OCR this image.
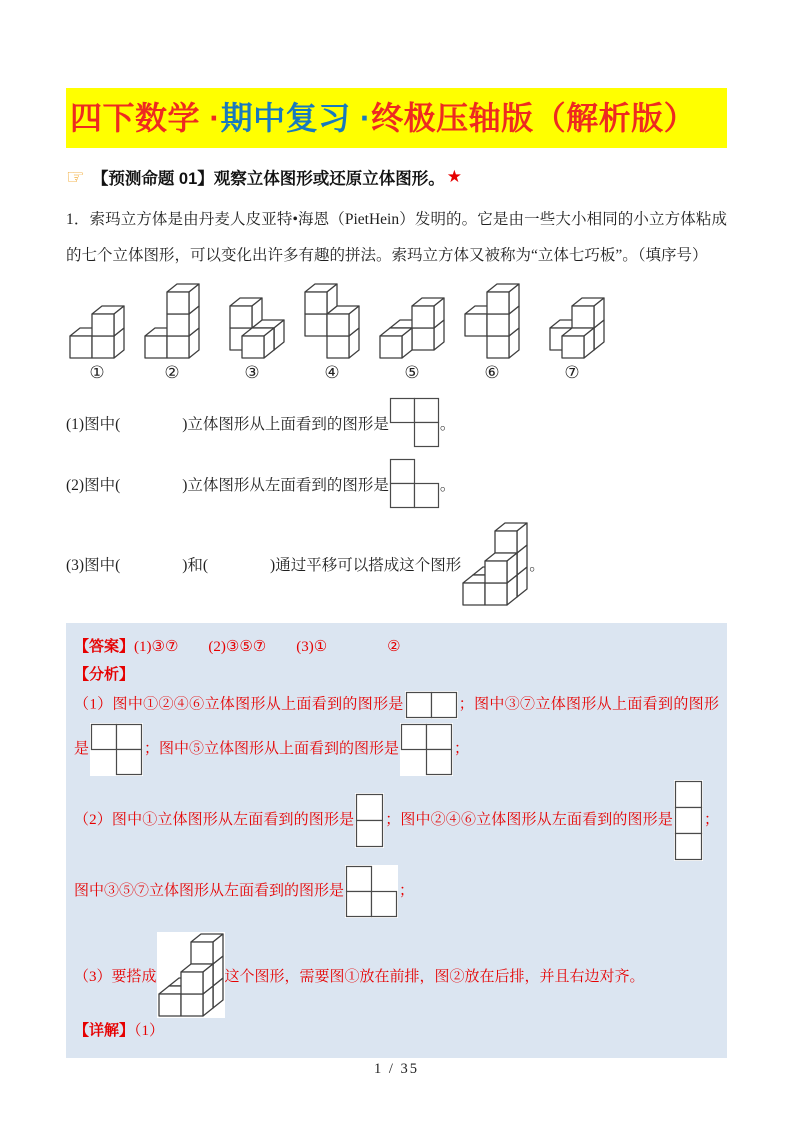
四下数学 ·期中复习 ·终极压轴版（解析版）
☞ 【预测命题 01】观察立体图形或还原立体图形。 ★

1．索玛立方体是由丹麦人皮亚特•海恩（PietHein）发明的。它是由一些大小相同的小立方体粘成的七个立体图形，可以变化出许多有趣的拼法。索玛立方体又被称为“立体七巧板”。（填序号）

①	②	③	④	⑤	⑥	⑦
(1)图中(　　　　)立体图形从上面看到的图形是	。
(2)图中(　　　　)立体图形从左面看到的图形是	。
(3)图中(　　　　)和(　　　　)通过平移可以搭成这个图形	。

【答案】(1)③⑦　　(2)③⑤⑦　　(3)①　　　　②

【分析】

（1）图中①②④⑥立体图形从上面看到的图形是	；图中③⑦立体图形从上面看到的图形是	；图中⑤立体图形从上面看到的图形是	；

（2）图中①立体图形从左面看到的图形是 ；图中②④⑥立体图形从左面看到的图形是 ；图中③⑤⑦立体图形从左面看到的图形是	；

（3）要搭成	这个图形，需要图①放在前排，图②放在后排，并且右边对齐。

【详解】（1）

1 / 35
